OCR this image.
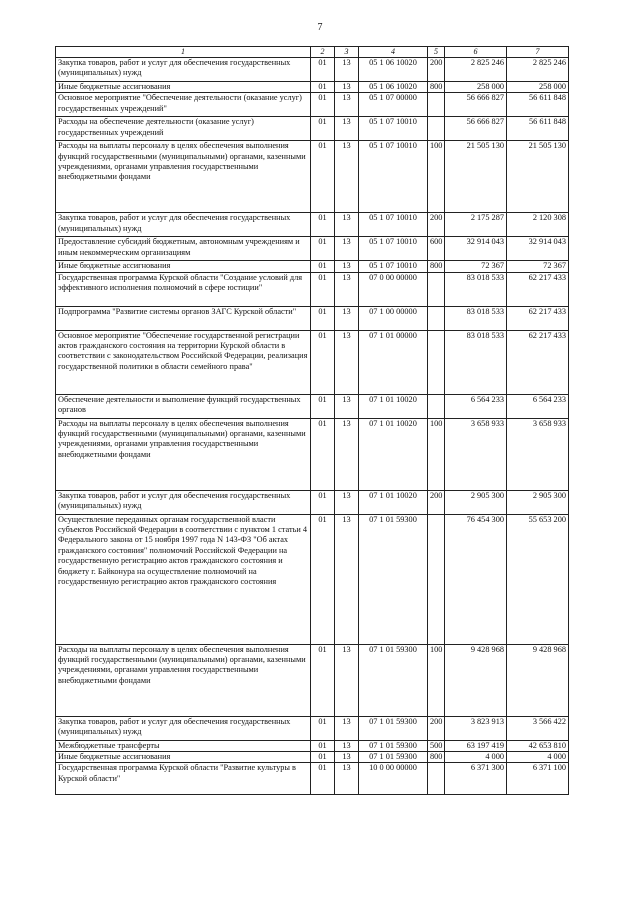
7
1	2	3	4	5	6	7
Закупка товаров, работ и услуг для обеспечения государственных (муниципальных) нужд	01	13	05 1 06 10020	200	2 825 246	2 825 246
Иные бюджетные ассигнования	01	13	05 1 06 10020	800	258 000	258 000
Основное мероприятие "Обеспечение деятельности (оказание услуг) государственных учреждений"	01	13	05 1 07 00000		56 666 827	56 611 848
Расходы на обеспечение деятельности (оказание услуг) государственных учреждений	01	13	05 1 07 10010		56 666 827	56 611 848
Расходы на выплаты персоналу в целях обеспечения выполнения функций государственными (муниципальными) органами, казенными учреждениями, органами управления государственными внебюджетными фондами	01	13	05 1 07 10010	100	21 505 130	21 505 130
Закупка товаров, работ и услуг для обеспечения государственных (муниципальных) нужд	01	13	05 1 07 10010	200	2 175 287	2 120 308
Предоставление субсидий бюджетным, автономным учреждениям и иным некоммерческим организациям	01	13	05 1 07 10010	600	32 914 043	32 914 043
Иные бюджетные ассигнования	01	13	05 1 07 10010	800	72 367	72 367
Государственная программа Курской области "Создание условий для эффективного исполнения полномочий в сфере юстиции"	01	13	07 0 00 00000		83 018 533	62 217 433
Подпрограмма "Развитие системы органов ЗАГС Курской области"	01	13	07 1 00 00000		83 018 533	62 217 433
Основное мероприятие "Обеспечение государственной регистрации актов гражданского состояния на территории Курской области в соответствии с законодательством Российской Федерации, реализация государственной политики в области семейного права"	01	13	07 1 01 00000		83 018 533	62 217 433
Обеспечение деятельности и выполнение функций государственных органов	01	13	07 1 01 10020		6 564 233	6 564 233
Расходы на выплаты персоналу в целях обеспечения выполнения функций государственными (муниципальными) органами, казенными учреждениями, органами управления государственными внебюджетными фондами	01	13	07 1 01 10020	100	3 658 933	3 658 933
Закупка товаров, работ и услуг для обеспечения государственных (муниципальных) нужд	01	13	07 1 01 10020	200	2 905 300	2 905 300
Осуществление переданных органам государственной власти субъектов Российской Федерации в соответствии с пунктом 1 статьи 4 Федерального закона от 15 ноября 1997 года N 143-ФЗ "Об актах гражданского состояния" полномочий Российской Федерации на государственную регистрацию актов гражданского состояния и бюджету г. Байконура на осуществление полномочий на государственную регистрацию актов гражданского состояния	01	13	07 1 01 59300		76 454 300	55 653 200
Расходы на выплаты персоналу в целях обеспечения выполнения функций государственными (муниципальными) органами, казенными учреждениями, органами управления государственными внебюджетными фондами	01	13	07 1 01 59300	100	9 428 968	9 428 968
Закупка товаров, работ и услуг для обеспечения государственных (муниципальных) нужд	01	13	07 1 01 59300	200	3 823 913	3 566 422
Межбюджетные трансферты	01	13	07 1 01 59300	500	63 197 419	42 653 810
Иные бюджетные ассигнования	01	13	07 1 01 59300	800	4 000	4 000
Государственная программа Курской области "Развитие культуры в Курской области"	01	13	10 0 00 00000		6 371 300	6 371 100
